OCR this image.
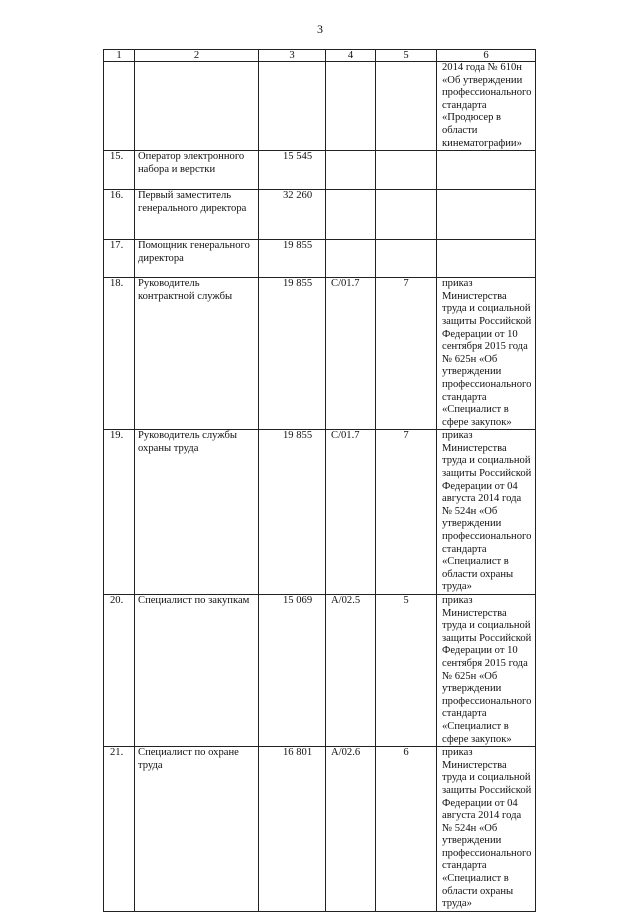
3
1	2	3	4	5	6
					2014 года № 610н «Об утверждении профессионального стандарта «Продюсер в области кинематографии»
15.	Оператор электронного набора и верстки	15 545			
16.	Первый заместитель генерального директора	32 260			
17.	Помощник генерального директора	19 855			
18.	Руководитель контрактной службы	19 855	С/01.7	7	приказ Министерства труда и социальной защиты Российской Федерации от 10 сентября 2015 года № 625н «Об утверждении профессионального стандарта «Специалист в сфере закупок»
19.	Руководитель службы охраны труда	19 855	С/01.7	7	приказ Министерства труда и социальной защиты Российской Федерации от 04 августа 2014 года № 524н «Об утверждении профессионального стандарта «Специалист в области охраны труда»
20.	Специалист по закупкам	15 069	А/02.5	5	приказ Министерства труда и социальной защиты Российской Федерации от 10 сентября 2015 года № 625н «Об утверждении профессионального стандарта «Специалист в сфере закупок»
21.	Специалист по охране труда	16 801	А/02.6	6	приказ Министерства труда и социальной защиты Российской Федерации от 04 августа 2014 года № 524н «Об утверждении профессионального стандарта «Специалист в области охраны труда»
